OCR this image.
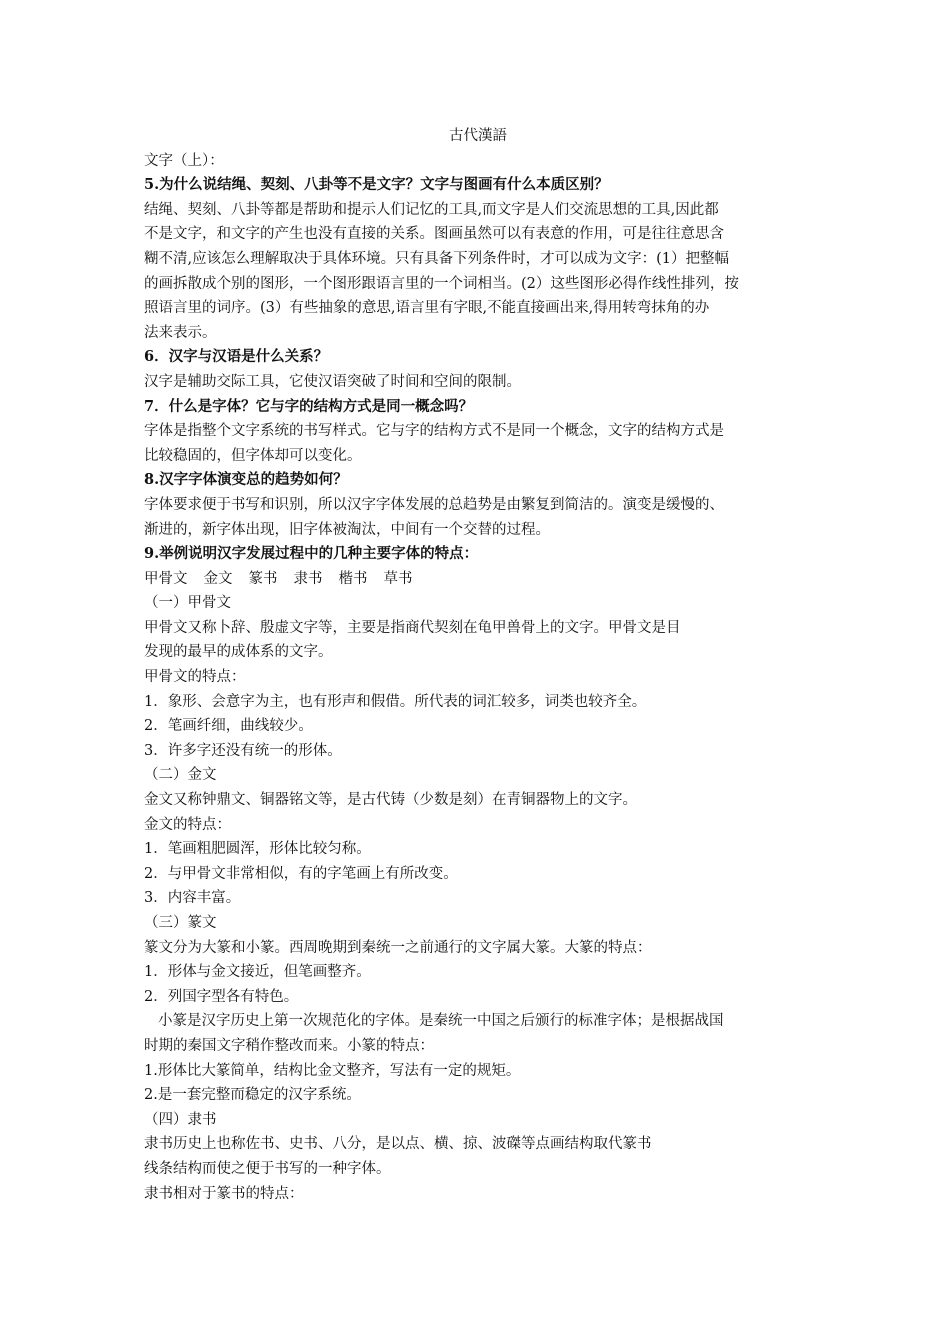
古代漢語
文字（上）：
5.为什么说结绳、契刻、八卦等不是文字？文字与图画有什么本质区别？
结绳、契刻、八卦等都是帮助和提示人们记忆的工具,而文字是人们交流思想的工具,因此都
不是文字，和文字的产生也没有直接的关系。图画虽然可以有表意的作用，可是往往意思含
糊不清,应该怎么理解取决于具体环境。只有具备下列条件时，才可以成为文字：(1）把整幅
的画拆散成个别的图形，一个图形跟语言里的一个词相当。(2）这些图形必得作线性排列，按
照语言里的词序。(3）有些抽象的意思,语言里有字眼,不能直接画出来,得用转弯抹角的办
法来表示。
6．汉字与汉语是什么关系？
汉字是辅助交际工具，它使汉语突破了时间和空间的限制。
7．什么是字体？它与字的结构方式是同一概念吗？
字体是指整个文字系统的书写样式。它与字的结构方式不是同一个概念，文字的结构方式是
比较稳固的，但字体却可以变化。
8.汉字字体演变总的趋势如何？
字体要求便于书写和识别，所以汉字字体发展的总趋势是由繁复到简洁的。演变是缓慢的、
渐进的，新字体出现，旧字体被淘汰，中间有一个交替的过程。
9.举例说明汉字发展过程中的几种主要字体的特点：
甲骨文 金文 篆书 隶书 楷书 草书
（一）甲骨文
甲骨文又称卜辞、殷虚文字等，主要是指商代契刻在龟甲兽骨上的文字。甲骨文是目
发现的最早的成体系的文字。
甲骨文的特点：
1．象形、会意字为主，也有形声和假借。所代表的词汇较多，词类也较齐全。
2．笔画纤细，曲线较少。
3．许多字还没有统一的形体。
（二）金文
金文又称钟鼎文、铜器铭文等，是古代铸（少数是刻）在青铜器物上的文字。
金文的特点：
1．笔画粗肥圆浑，形体比较匀称。
2．与甲骨文非常相似，有的字笔画上有所改变。
3．内容丰富。
（三）篆文
篆文分为大篆和小篆。西周晚期到秦统一之前通行的文字属大篆。大篆的特点：
1．形体与金文接近，但笔画整齐。
2．列国字型各有特色。
小篆是汉字历史上第一次规范化的字体。是秦统一中国之后颁行的标准字体；是根据战国
时期的秦国文字稍作整改而来。小篆的特点：
1.形体比大篆简单，结构比金文整齐，写法有一定的规矩。
2.是一套完整而稳定的汉字系统。
（四）隶书
隶书历史上也称佐书、史书、八分，是以点、横、掠、波磔等点画结构取代篆书
线条结构而使之便于书写的一种字体。
隶书相对于篆书的特点：
